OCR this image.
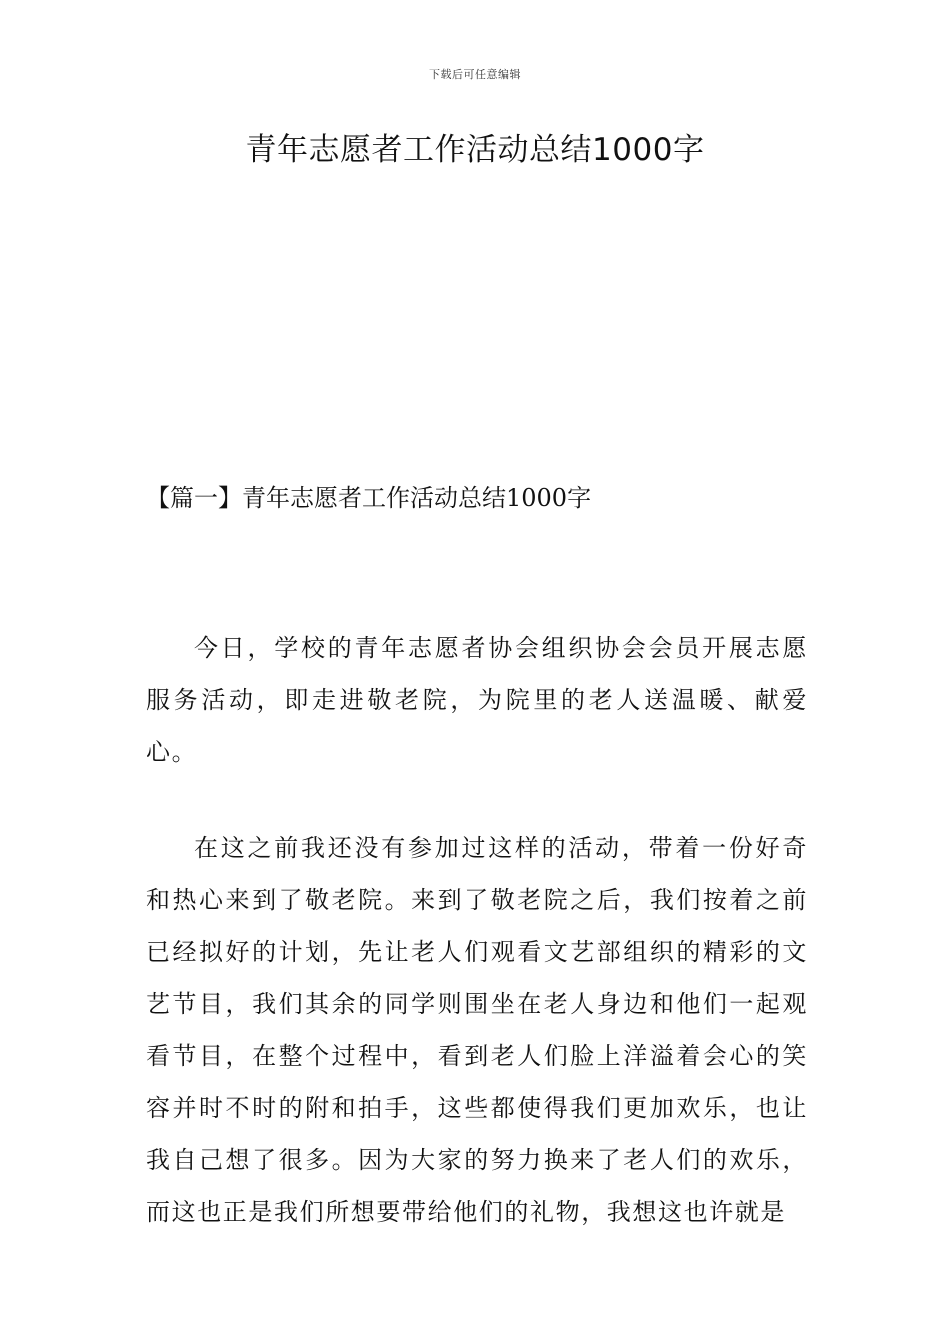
下载后可任意编辑
青年志愿者工作活动总结1000字
【篇一】青年志愿者工作活动总结1000字

今日，学校的青年志愿者协会组织协会会员开展志愿服务活动，即走进敬老院，为院里的老人送温暖、献爱心。

在这之前我还没有参加过这样的活动，带着一份好奇和热心来到了敬老院。来到了敬老院之后，我们按着之前已经拟好的计划，先让老人们观看文艺部组织的精彩的文艺节目，我们其余的同学则围坐在老人身边和他们一起观看节目，在整个过程中，看到老人们脸上洋溢着会心的笑容并时不时的附和拍手，这些都使得我们更加欢乐，也让我自己想了很多。因为大家的努力换来了老人们的欢乐，而这也正是我们所想要带给他们的礼物，我想这也许就是
